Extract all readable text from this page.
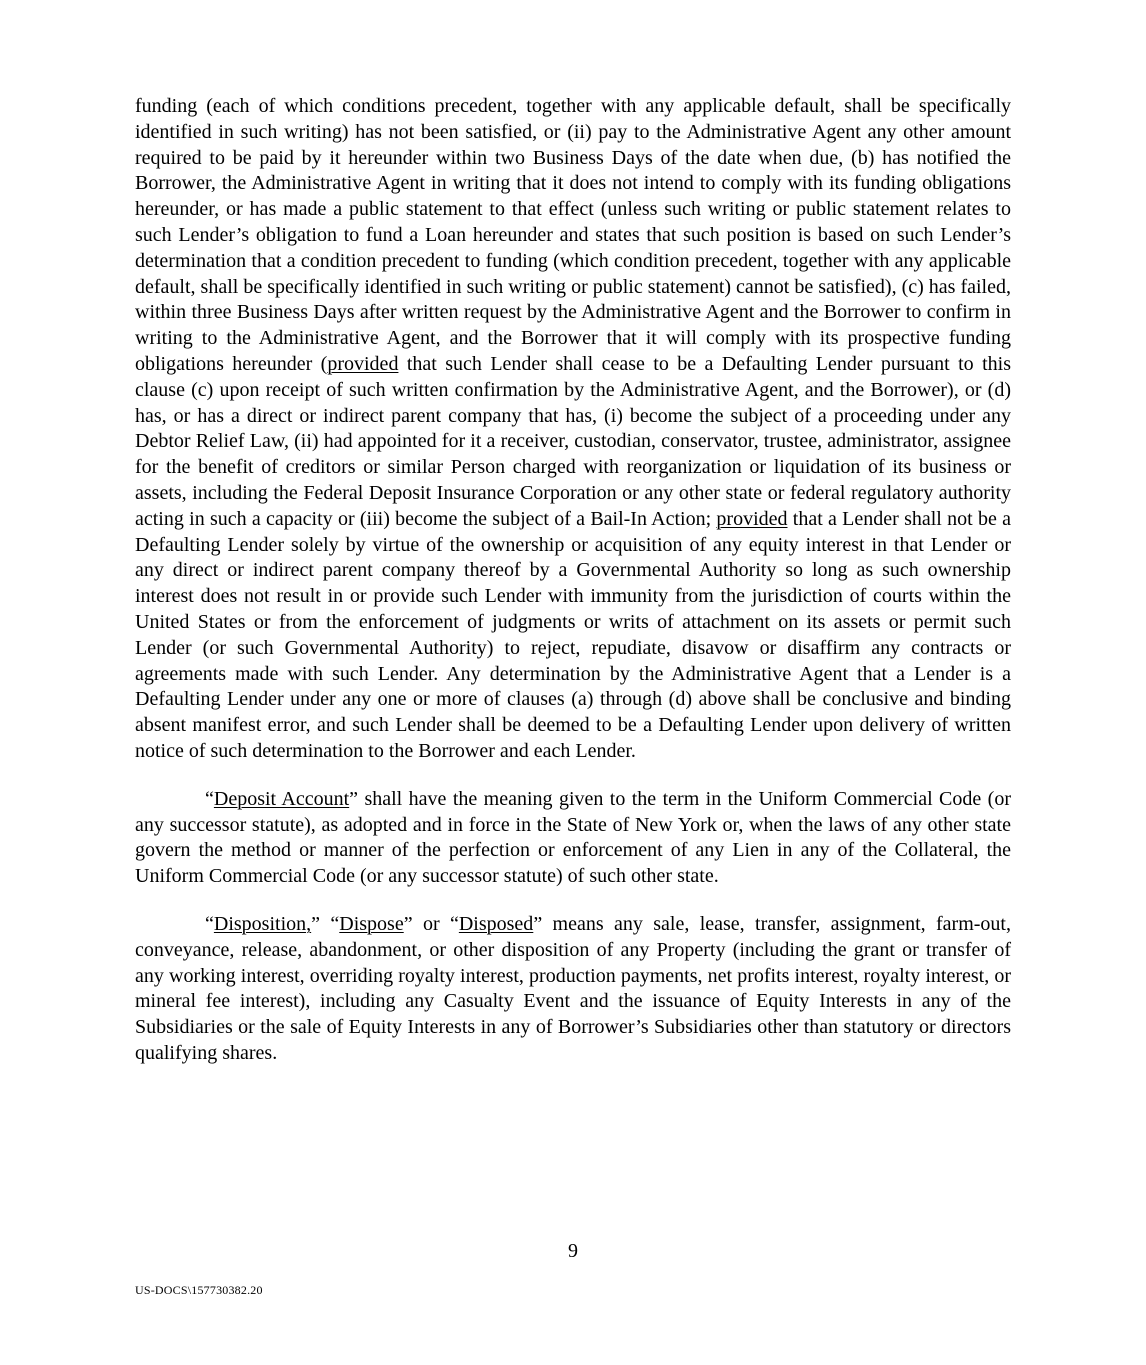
funding (each of which conditions precedent, together with any applicable default, shall be specifically identified in such writing) has not been satisfied, or (ii) pay to the Administrative Agent any other amount required to be paid by it hereunder within two Business Days of the date when due, (b) has notified the Borrower, the Administrative Agent in writing that it does not intend to comply with its funding obligations hereunder, or has made a public statement to that effect (unless such writing or public statement relates to such Lender’s obligation to fund a Loan hereunder and states that such position is based on such Lender’s determination that a condition precedent to funding (which condition precedent, together with any applicable default, shall be specifically identified in such writing or public statement) cannot be satisfied), (c) has failed, within three Business Days after written request by the Administrative Agent and the Borrower to confirm in writing to the Administrative Agent, and the Borrower that it will comply with its prospective funding obligations hereunder (provided that such Lender shall cease to be a Defaulting Lender pursuant to this clause (c) upon receipt of such written confirmation by the Administrative Agent, and the Borrower), or (d) has, or has a direct or indirect parent company that has, (i) become the subject of a proceeding under any Debtor Relief Law, (ii) had appointed for it a receiver, custodian, conservator, trustee, administrator, assignee for the benefit of creditors or similar Person charged with reorganization or liquidation of its business or assets, including the Federal Deposit Insurance Corporation or any other state or federal regulatory authority acting in such a capacity or (iii) become the subject of a Bail-In Action; provided that a Lender shall not be a Defaulting Lender solely by virtue of the ownership or acquisition of any equity interest in that Lender or any direct or indirect parent company thereof by a Governmental Authority so long as such ownership interest does not result in or provide such Lender with immunity from the jurisdiction of courts within the United States or from the enforcement of judgments or writs of attachment on its assets or permit such Lender (or such Governmental Authority) to reject, repudiate, disavow or disaffirm any contracts or agreements made with such Lender. Any determination by the Administrative Agent that a Lender is a Defaulting Lender under any one or more of clauses (a) through (d) above shall be conclusive and binding absent manifest error, and such Lender shall be deemed to be a Defaulting Lender upon delivery of written notice of such determination to the Borrower and each Lender.

“Deposit Account” shall have the meaning given to the term in the Uniform Commercial Code (or any successor statute), as adopted and in force in the State of New York or, when the laws of any other state govern the method or manner of the perfection or enforcement of any Lien in any of the Collateral, the Uniform Commercial Code (or any successor statute) of such other state.

“Disposition,” “Dispose” or “Disposed” means any sale, lease, transfer, assignment, farm-out, conveyance, release, abandonment, or other disposition of any Property (including the grant or transfer of any working interest, overriding royalty interest, production payments, net profits interest, royalty interest, or mineral fee interest), including any Casualty Event and the issuance of Equity Interests in any of the Subsidiaries or the sale of Equity Interests in any of Borrower’s Subsidiaries other than statutory or directors qualifying shares.

9
US-DOCS\157730382.20
